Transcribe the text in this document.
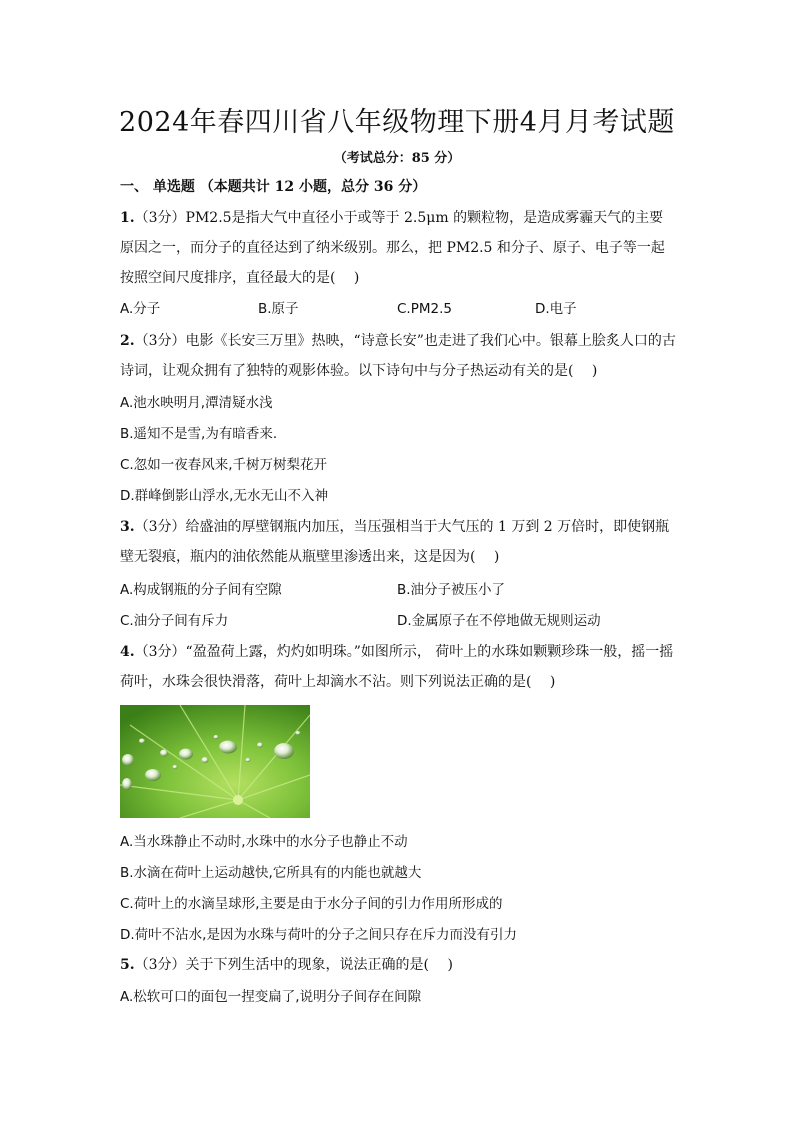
2024年春四川省八年级物理下册4月月考试题
（考试总分：85 分）
一、 单选题 （本题共计 12 小题，总分 36 分）
1.（3分）PM2.5是指大气中直径小于或等于 2.5μm 的颗粒物，是造成雾霾天气的主要原因之一，而分子的直径达到了纳米级别。那么，把 PM2.5 和分子、原子、电子等一起按照空间尺度排序，直径最大的是(　 )
A.分子	B.原子	C.PM2.5	D.电子
2.（3分）电影《长安三万里》热映，“诗意长安”也走进了我们心中。银幕上脍炙人口的古诗词，让观众拥有了独特的观影体验。以下诗句中与分子热运动有关的是(　 )
A.池水映明月,潭清疑水浅
B.遥知不是雪,为有暗香来.
C.忽如一夜春风来,千树万树梨花开
D.群峰倒影山浮水,无水无山不入神
3.（3分）给盛油的厚壁钢瓶内加压，当压强相当于大气压的 1 万到 2 万倍时，即使钢瓶壁无裂痕，瓶内的油依然能从瓶壁里渗透出来，这是因为(　 )
A.构成钢瓶的分子间有空隙	B.油分子被压小了
C.油分子间有斥力	D.金属原子在不停地做无规则运动
4.（3分）“盈盈荷上露，灼灼如明珠。”如图所示， 荷叶上的水珠如颗颗珍珠一般，摇一摇荷叶，水珠会很快滑落，荷叶上却滴水不沾。则下列说法正确的是(　 )
A.当水珠静止不动时,水珠中的水分子也静止不动
B.水滴在荷叶上运动越快,它所具有的内能也就越大
C.荷叶上的水滴呈球形,主要是由于水分子间的引力作用所形成的
D.荷叶不沾水,是因为水珠与荷叶的分子之间只存在斥力而没有引力
5.（3分）关于下列生活中的现象，说法正确的是(　 )
A.松软可口的面包一捏变扁了,说明分子间存在间隙
